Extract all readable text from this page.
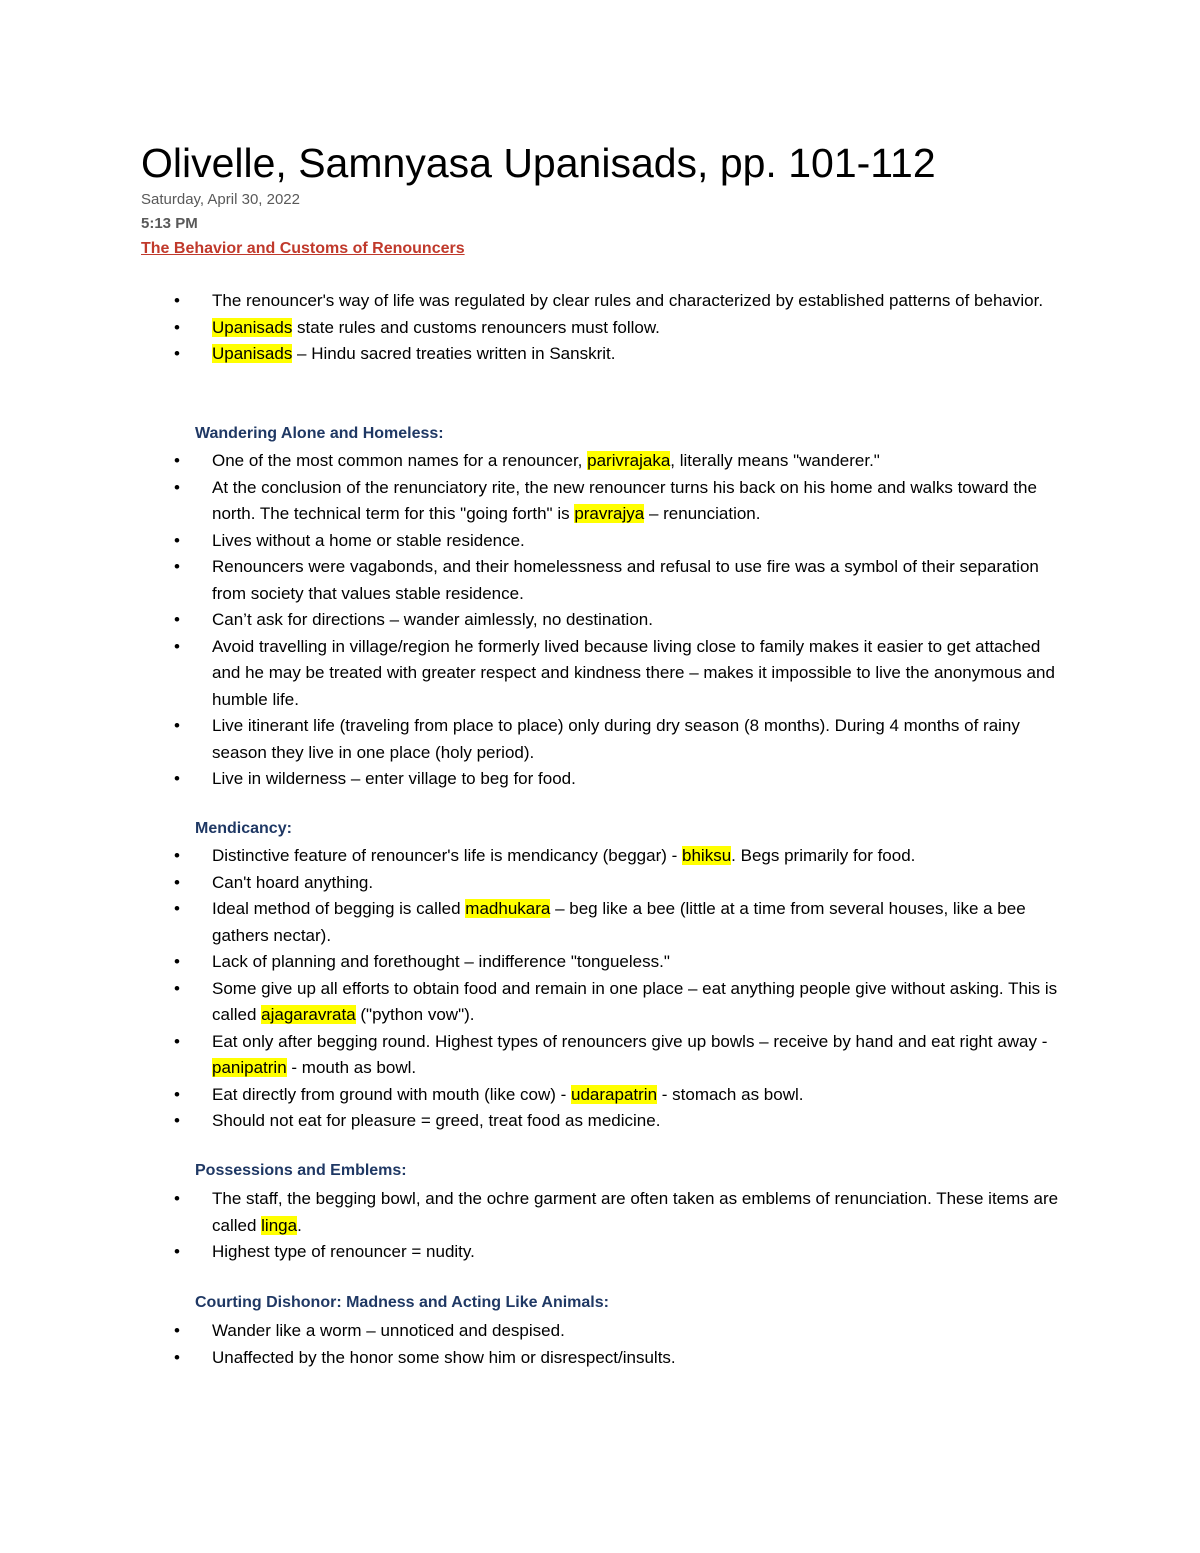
Olivelle, Samnyasa Upanisads, pp. 101-112
Saturday, April 30, 2022
5:13 PM
The Behavior and Customs of Renouncers
• The renouncer's way of life was regulated by clear rules and characterized by established patterns of behavior.
• Upanisads state rules and customs renouncers must follow.
• Upanisads – Hindu sacred treaties written in Sanskrit.
Wandering Alone and Homeless:
• One of the most common names for a renouncer, parivrajaka, literally means "wanderer."
• At the conclusion of the renunciatory rite, the new renouncer turns his back on his home and walks toward the north. The technical term for this "going forth" is pravrajya – renunciation.
• Lives without a home or stable residence.
• Renouncers were vagabonds, and their homelessness and refusal to use fire was a symbol of their separation from society that values stable residence.
• Can’t ask for directions – wander aimlessly, no destination.
• Avoid travelling in village/region he formerly lived because living close to family makes it easier to get attached and he may be treated with greater respect and kindness there – makes it impossible to live the anonymous and humble life.
• Live itinerant life (traveling from place to place) only during dry season (8 months). During 4 months of rainy season they live in one place (holy period).
• Live in wilderness – enter village to beg for food.
Mendicancy:
• Distinctive feature of renouncer's life is mendicancy (beggar) - bhiksu. Begs primarily for food.
• Can't hoard anything.
• Ideal method of begging is called madhukara – beg like a bee (little at a time from several houses, like a bee gathers nectar).
• Lack of planning and forethought – indifference "tongueless."
• Some give up all efforts to obtain food and remain in one place – eat anything people give without asking. This is called ajagaravrata ("python vow").
• Eat only after begging round. Highest types of renouncers give up bowls – receive by hand and eat right away - panipatrin - mouth as bowl.
• Eat directly from ground with mouth (like cow) - udarapatrin - stomach as bowl.
• Should not eat for pleasure = greed, treat food as medicine.
Possessions and Emblems:
• The staff, the begging bowl, and the ochre garment are often taken as emblems of renunciation. These items are called linga.
• Highest type of renouncer = nudity.
Courting Dishonor: Madness and Acting Like Animals:
• Wander like a worm – unnoticed and despised.
• Unaffected by the honor some show him or disrespect/insults.
